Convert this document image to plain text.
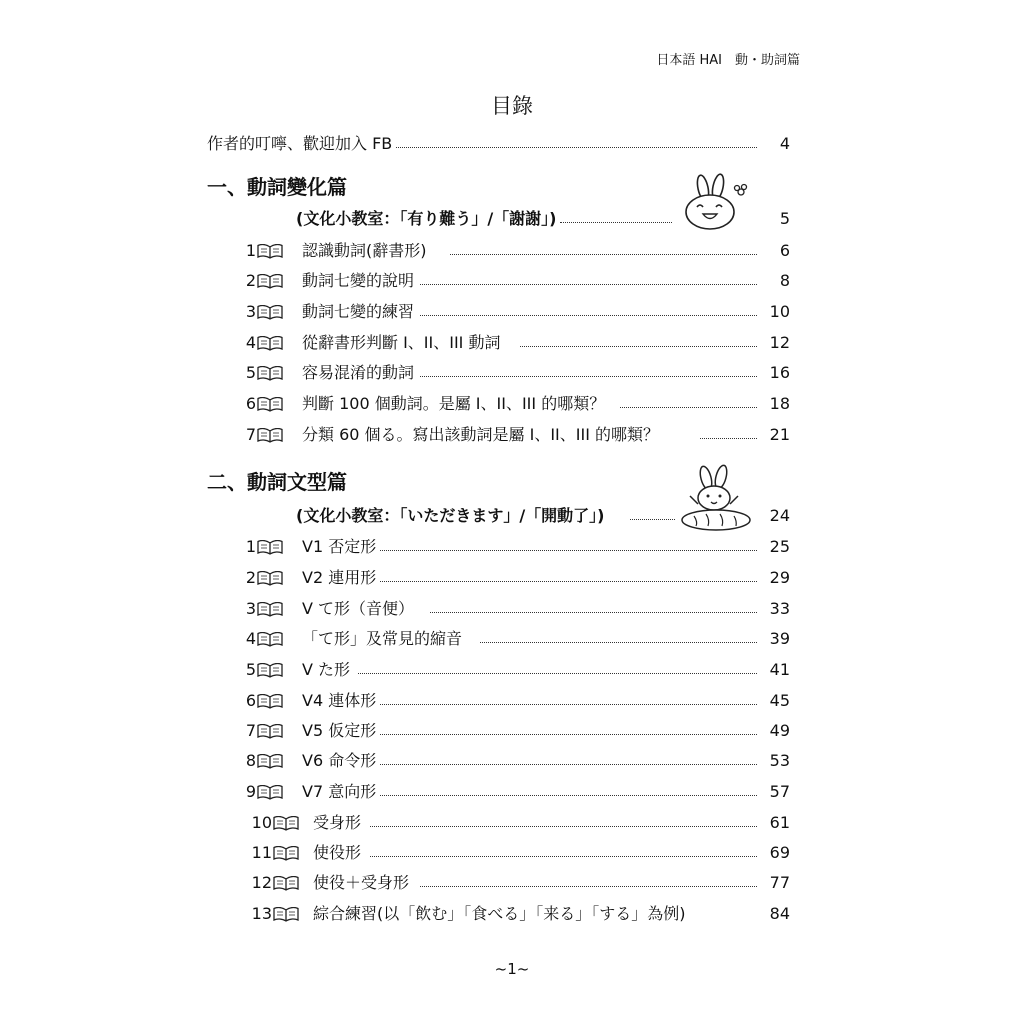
日本語 HAI　動・助詞篇
目錄
作者的叮嚀、歡迎加入 FB	4
一、動詞變化篇
(文化小教室：「有り難う」/「謝謝」)	5
1	認識動詞(辭書形)	6
2	動詞七變的說明	8
3	動詞七變的練習	10
4	從辭書形判斷 I、II、III 動詞	12
5	容易混淆的動詞	16
6	判斷 100 個動詞。是屬 I、II、III 的哪類？	18
7	分類 60 個る。寫出該動詞是屬 I、II、III 的哪類？	21
二、動詞文型篇
(文化小教室：「いただきます」/「開動了」)	24
1	V1 否定形	25
2	V2 連用形	29
3	V て形（音便）	33
4	「て形」及常見的縮音	39
5	V た形	41
6	V4 連体形	45
7	V5 仮定形	49
8	V6 命令形	53
9	V7 意向形	57
10	受身形	61
11	使役形	69
12	使役＋受身形	77
13	綜合練習(以「飲む」「食べる」「来る」「する」為例)	84
~1~
